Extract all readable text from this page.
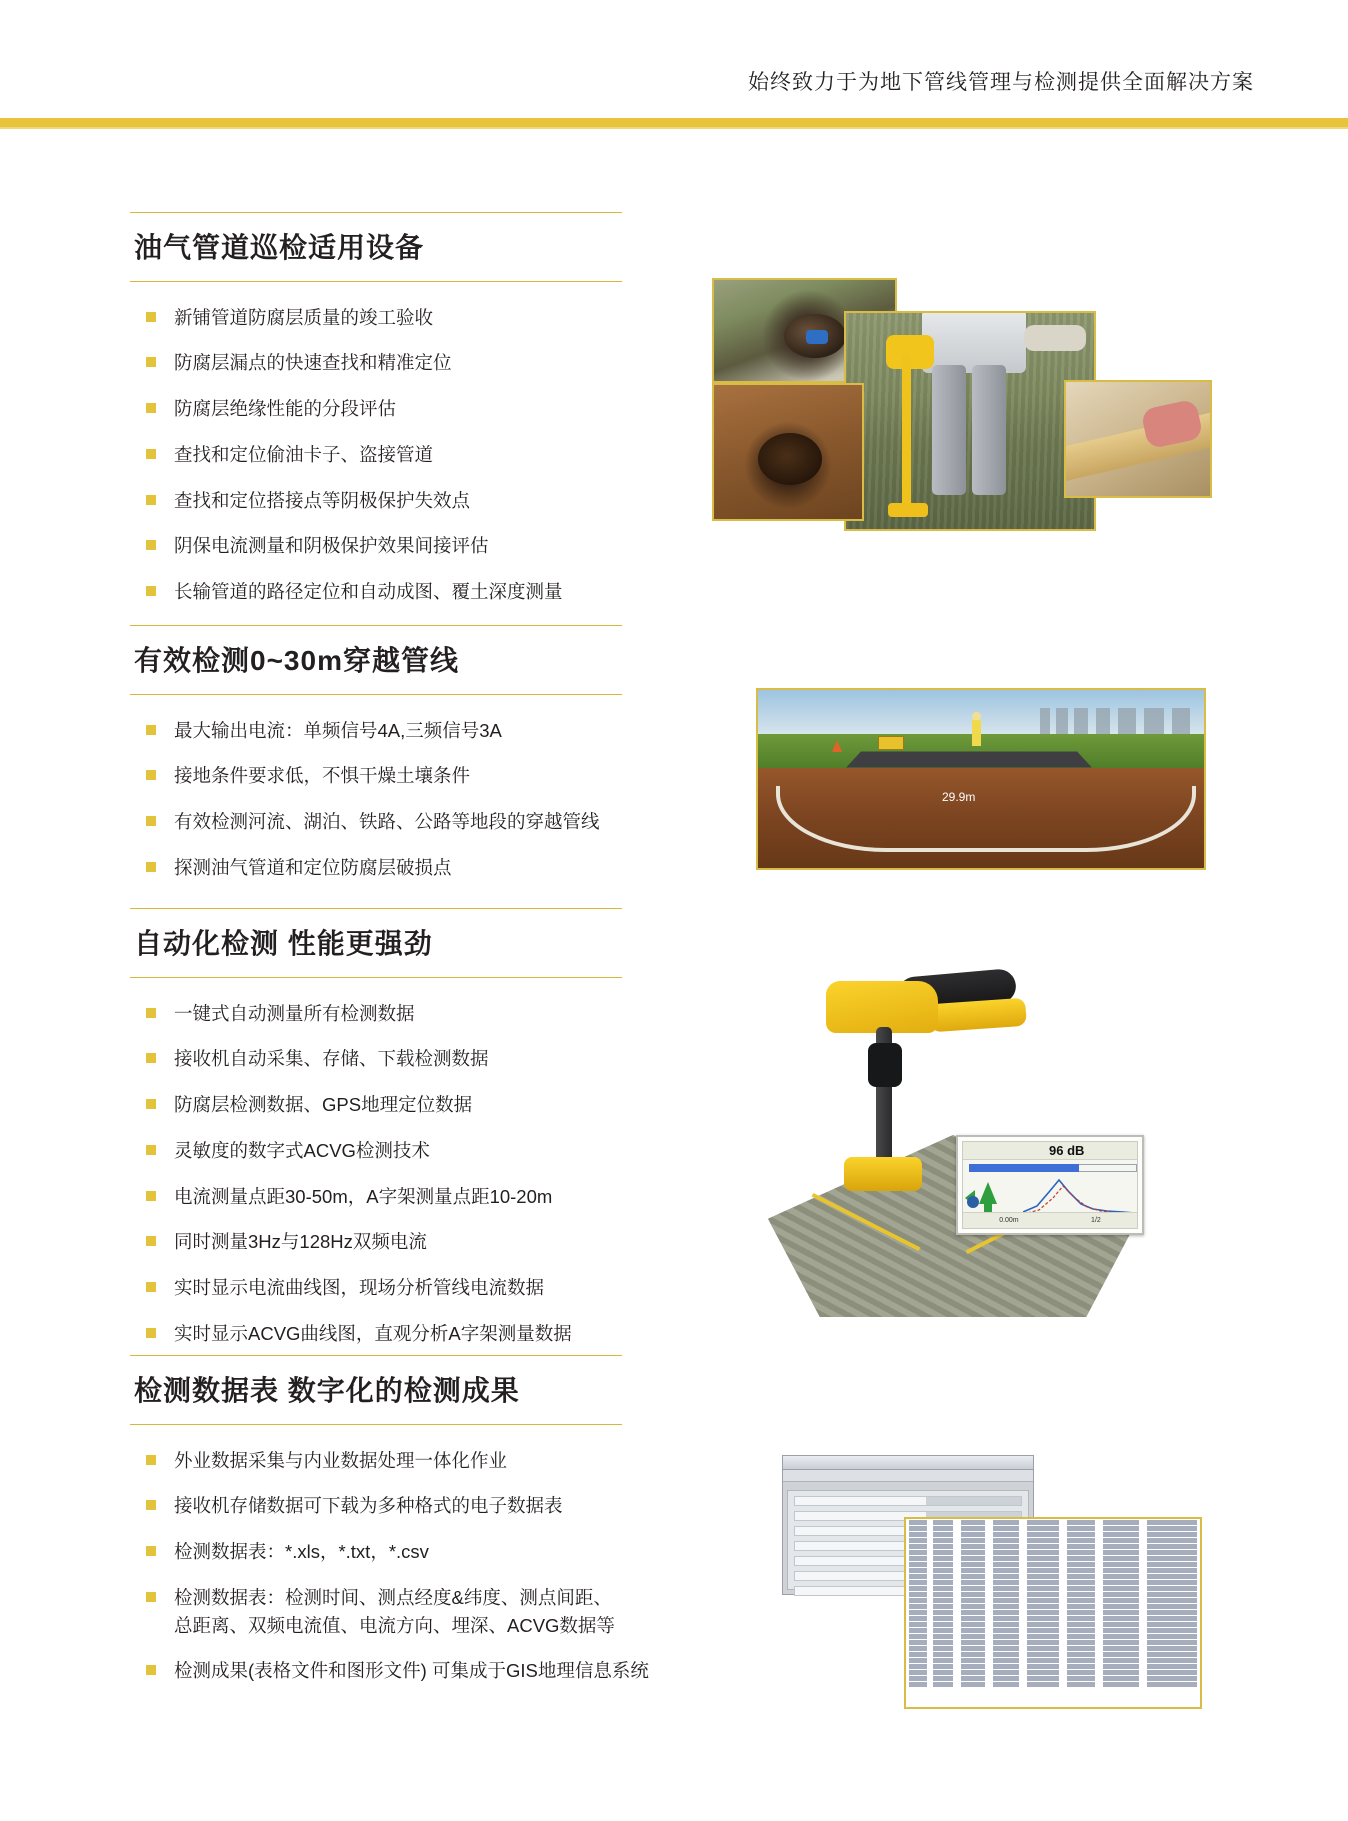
始终致力于为地下管线管理与检测提供全面解决方案
油气管道巡检适用设备
新铺管道防腐层质量的竣工验收
防腐层漏点的快速查找和精准定位
防腐层绝缘性能的分段评估
查找和定位偷油卡子、盗接管道
查找和定位搭接点等阴极保护失效点
阴保电流测量和阴极保护效果间接评估
长输管道的路径定位和自动成图、覆土深度测量
有效检测0~30m穿越管线
最大输出电流：单频信号4A,三频信号3A
接地条件要求低，不惧干燥土壤条件
有效检测河流、湖泊、铁路、公路等地段的穿越管线
探测油气管道和定位防腐层破损点
29.9m
自动化检测 性能更强劲
一键式自动测量所有检测数据
接收机自动采集、存储、下载检测数据
防腐层检测数据、GPS地理定位数据
灵敏度的数字式ACVG检测技术
电流测量点距30-50m，A字架测量点距10-20m
同时测量3Hz与128Hz双频电流
实时显示电流曲线图，现场分析管线电流数据
实时显示ACVG曲线图，直观分析A字架测量数据
96 dB
0.00m	1/2
检测数据表 数字化的检测成果
外业数据采集与内业数据处理一体化作业
接收机存储数据可下载为多种格式的电子数据表
检测数据表：*.xls，*.txt，*.csv
检测数据表：检测时间、测点经度&纬度、测点间距、
总距离、双频电流值、电流方向、埋深、ACVG数据等
检测成果(表格文件和图形文件) 可集成于GIS地理信息系统
